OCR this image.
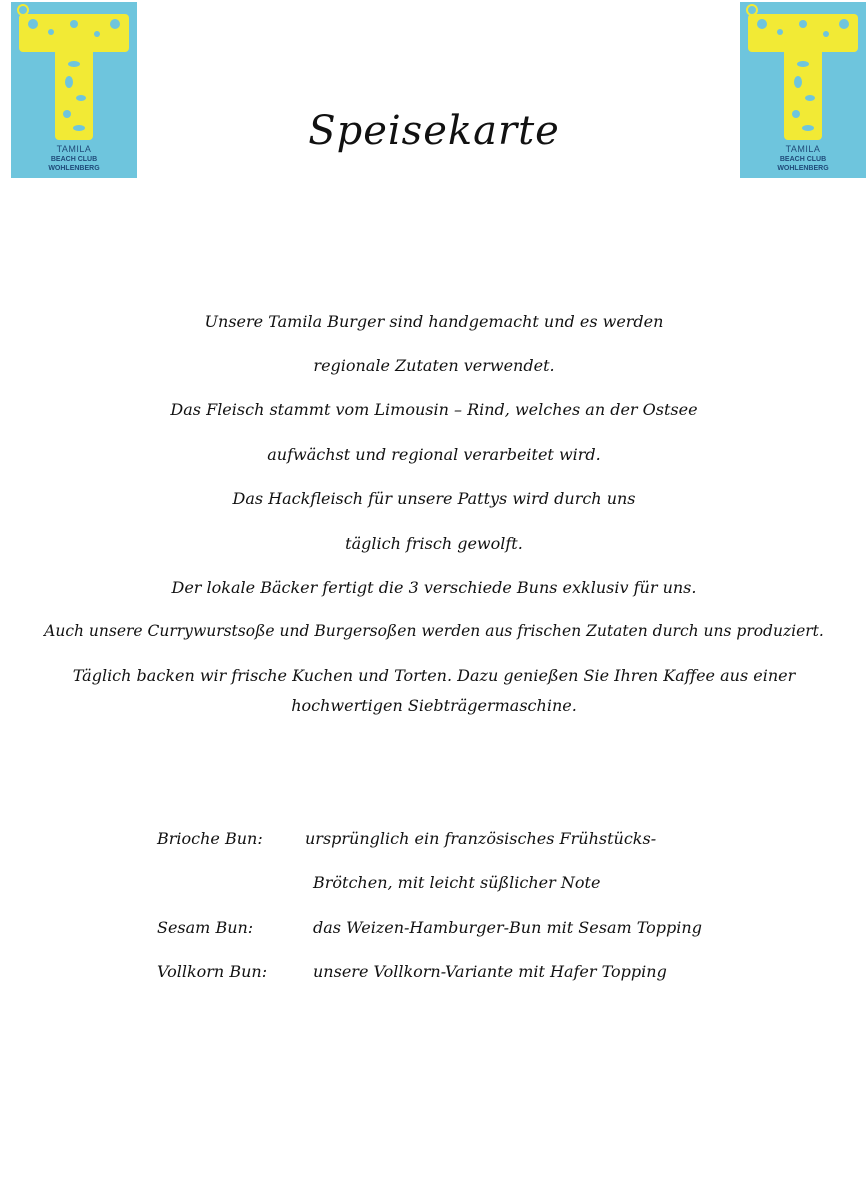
TAMILA
BEACH CLUB
WOHLENBERG
TAMILA
BEACH CLUB
WOHLENBERG
Speisekarte
Unsere Tamila Burger sind handgemacht und es werden
regionale Zutaten verwendet.
Das Fleisch stammt vom Limousin – Rind, welches an der Ostsee
aufwächst und regional verarbeitet wird.
Das Hackfleisch für unsere Pattys wird durch uns
täglich frisch gewolft.
Der lokale Bäcker fertigt die 3 verschiede Buns exklusiv für uns.
Auch unsere Currywurstsoße und Burgersoßen werden aus frischen Zutaten durch uns produziert.
Täglich backen wir frische Kuchen und Torten. Dazu genießen Sie Ihren Kaffee aus einer
hochwertigen Siebträgermaschine.
Brioche Bun:	ursprünglich ein französisches Frühstücks-
Brötchen, mit leicht süßlicher Note
Sesam Bun:	das Weizen-Hamburger-Bun mit Sesam Topping
Vollkorn Bun:	unsere Vollkorn-Variante mit Hafer Topping
